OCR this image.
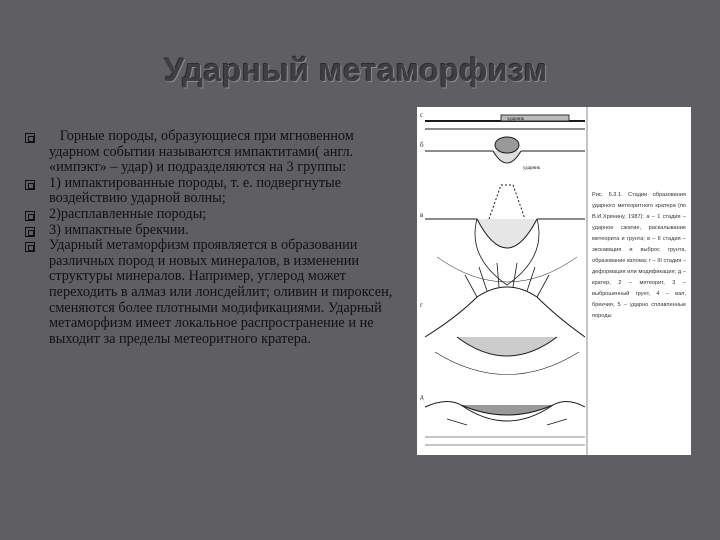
Ударный метаморфизм
Горные породы, образующиеся при мгновенном ударном событии называются импактитами( англ. «импэкт» – удар) и подразделяются на 3 группы:
1) импактированные породы, т. е. подвергнутые воздействию ударной волны;
2)расплавленные породы;
3) импактные брекчии.
Ударный метаморфизм проявляется в образовании различных пород и новых минералов, в изменении структуры минералов. Например, углерод может переходить в алмаз или лонсдейлит; оливин и пироксен, сменяются более плотными модификациями. Ударный метаморфизм имеет локальное распространение и не выходит за пределы метеоритного кратера.
с
ударник
б
ударник
в
г
д
Рис. 6.3.1. Стадии образования ударного метеоритного кратера (по В.И.Хрянину, 1987): а – 1 стадия – ударное сжатие, раскалывание метеорита и грунта; в – II стадия – экскавация и выброс грунта, образование взлома; г – III стадия – деформация или модификация; д – кратер, 2 – метеорит, 3 – выброшенный грунт, 4 – вал, брекчия, 5 – ударно сплавленные породы
